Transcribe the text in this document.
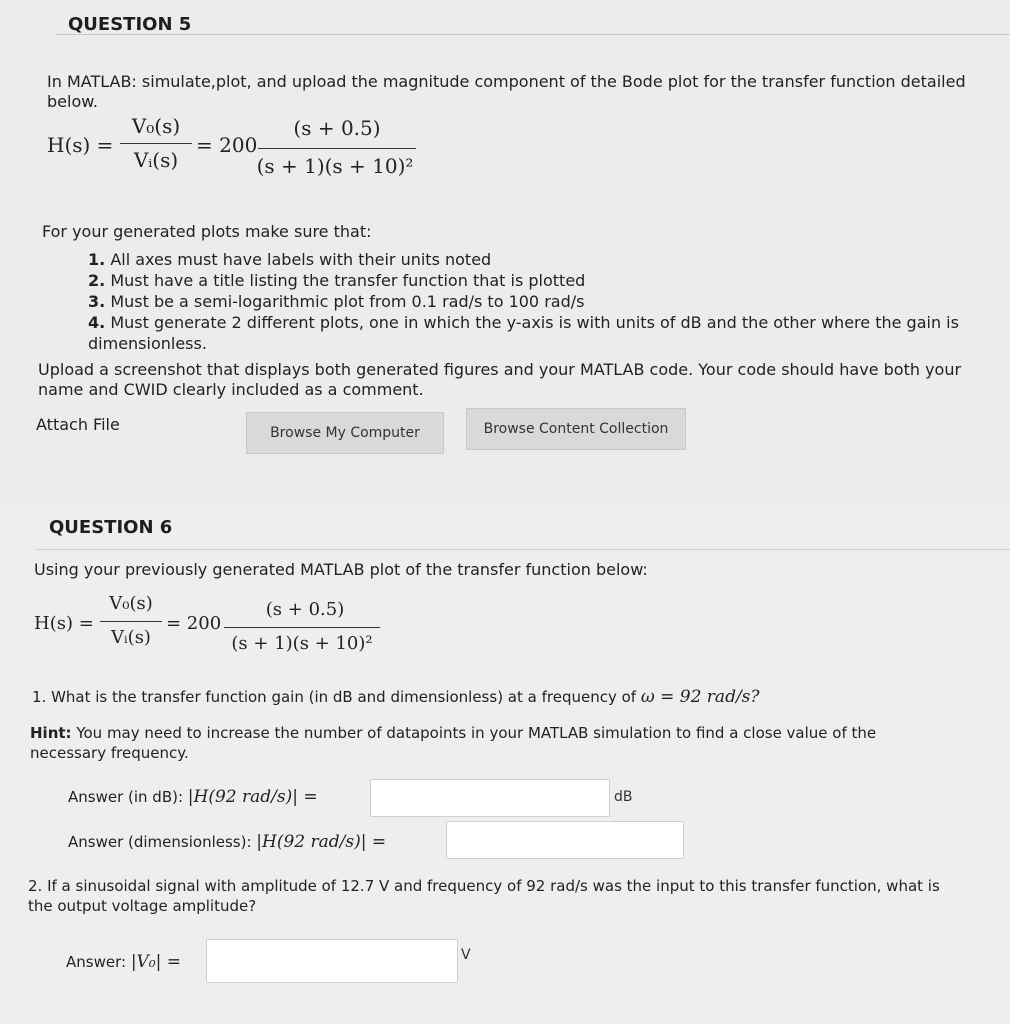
QUESTION 5
In MATLAB: simulate,plot, and upload the magnitude component of the Bode plot for the transfer function detailed below.
H(s) =
V₀(s)
Vᵢ(s)
= 200
(s + 0.5)
(s + 1)(s + 10)²
For your generated plots make sure that:
1. All axes must have labels with their units noted
2. Must have a title listing the transfer function that is plotted
3. Must be a semi-logarithmic plot from 0.1 rad/s to 100 rad/s
4. Must generate 2 different plots, one in which the y-axis is with units of dB and the other where the gain is dimensionless.
Upload a screenshot that displays both generated figures and your MATLAB code. Your code should have both your name and CWID clearly included as a comment.
Attach File	Browse My Computer	Browse Content Collection
QUESTION 6
Using your previously generated MATLAB plot of the transfer function below:
H(s) =
V₀(s)
Vᵢ(s)
= 200
(s + 0.5)
(s + 1)(s + 10)²
1. What is the transfer function gain (in dB and dimensionless) at a frequency of ω = 92 rad/s?
Hint: You may need to increase the number of datapoints in your MATLAB simulation to find a close value of the necessary frequency.
Answer (in dB): |H(92 rad/s)| =	dB
Answer (dimensionless): |H(92 rad/s)| =
2. If a sinusoidal signal with amplitude of 12.7 V and frequency of 92 rad/s was the input to this transfer function, what is the output voltage amplitude?
Answer: |V₀| =	V
